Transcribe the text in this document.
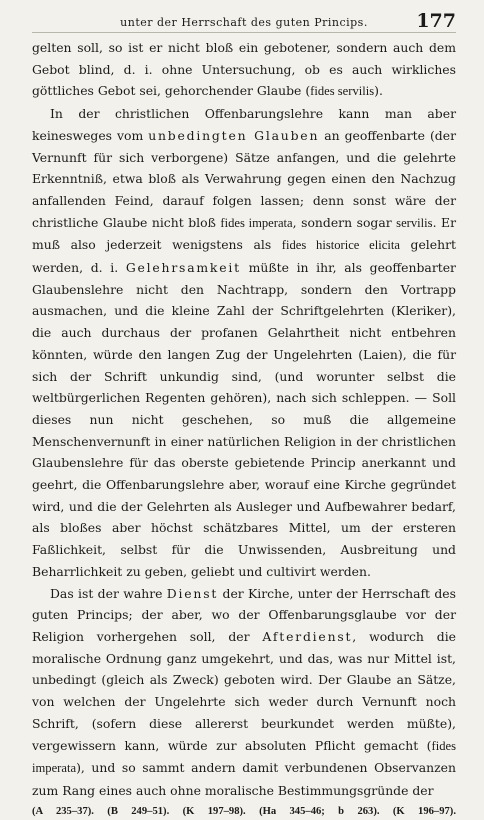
unter der Herrschaft des guten Princips.	177

gelten soll, so ist er nicht bloß ein gebotener, sondern auch dem Gebot blind, d. i. ohne Untersuchung, ob es auch wirkliches göttliches Gebot sei, gehorchender Glaube (fides servilis).

In der christlichen Offenbarungslehre kann man aber keinesweges vom unbedingten Glauben an geoffenbarte (der Vernunft für sich verborgene) Sätze anfangen, und die gelehrte Erkenntniß, etwa bloß als Verwahrung gegen einen den Nachzug anfallenden Feind, darauf folgen lassen; denn sonst wäre der christliche Glaube nicht bloß fides imperata, sondern sogar servilis. Er muß also jederzeit wenigstens als fides historice elicita gelehrt werden, d. i. Gelehrsamkeit müßte in ihr, als geoffenbarter Glaubenslehre nicht den Nachtrapp, sondern den Vortrapp ausmachen, und die kleine Zahl der Schriftgelehrten (Kleriker), die auch durchaus der profanen Gelahrtheit nicht entbehren könnten, würde den langen Zug der Ungelehrten (Laien), die für sich der Schrift unkundig sind, (und worunter selbst die weltbürgerlichen Regenten gehören), nach sich schleppen. — Soll dieses nun nicht geschehen, so muß die allgemeine Menschenvernunft in einer natürlichen Religion in der christlichen Glaubenslehre für das oberste gebietende Princip anerkannt und geehrt, die Offenbarungslehre aber, worauf eine Kirche gegründet wird, und die der Gelehrten als Ausleger und Aufbewahrer bedarf, als bloßes aber höchst schätzbares Mittel, um der ersteren Faßlichkeit, selbst für die Unwissenden, Ausbreitung und Beharrlichkeit zu geben, geliebt und cultivirt werden.

Das ist der wahre Dienst der Kirche, unter der Herrschaft des guten Princips; der aber, wo der Offenbarungsglaube vor der Religion vorhergehen soll, der Afterdienst, wodurch die moralische Ordnung ganz umgekehrt, und das, was nur Mittel ist, unbedingt (gleich als Zweck) geboten wird. Der Glaube an Sätze, von welchen der Ungelehrte sich weder durch Vernunft noch Schrift, (sofern diese allererst beurkundet werden müßte), vergewissern kann, würde zur absoluten Pflicht gemacht (fides imperata), und so sammt andern damit verbundenen Observanzen zum Rang eines auch ohne moralische Bestimmungsgründe der

(A 235–37). (B 249–51). (K 197–98). (Ha 345–46; b 263). (K 196–97).
